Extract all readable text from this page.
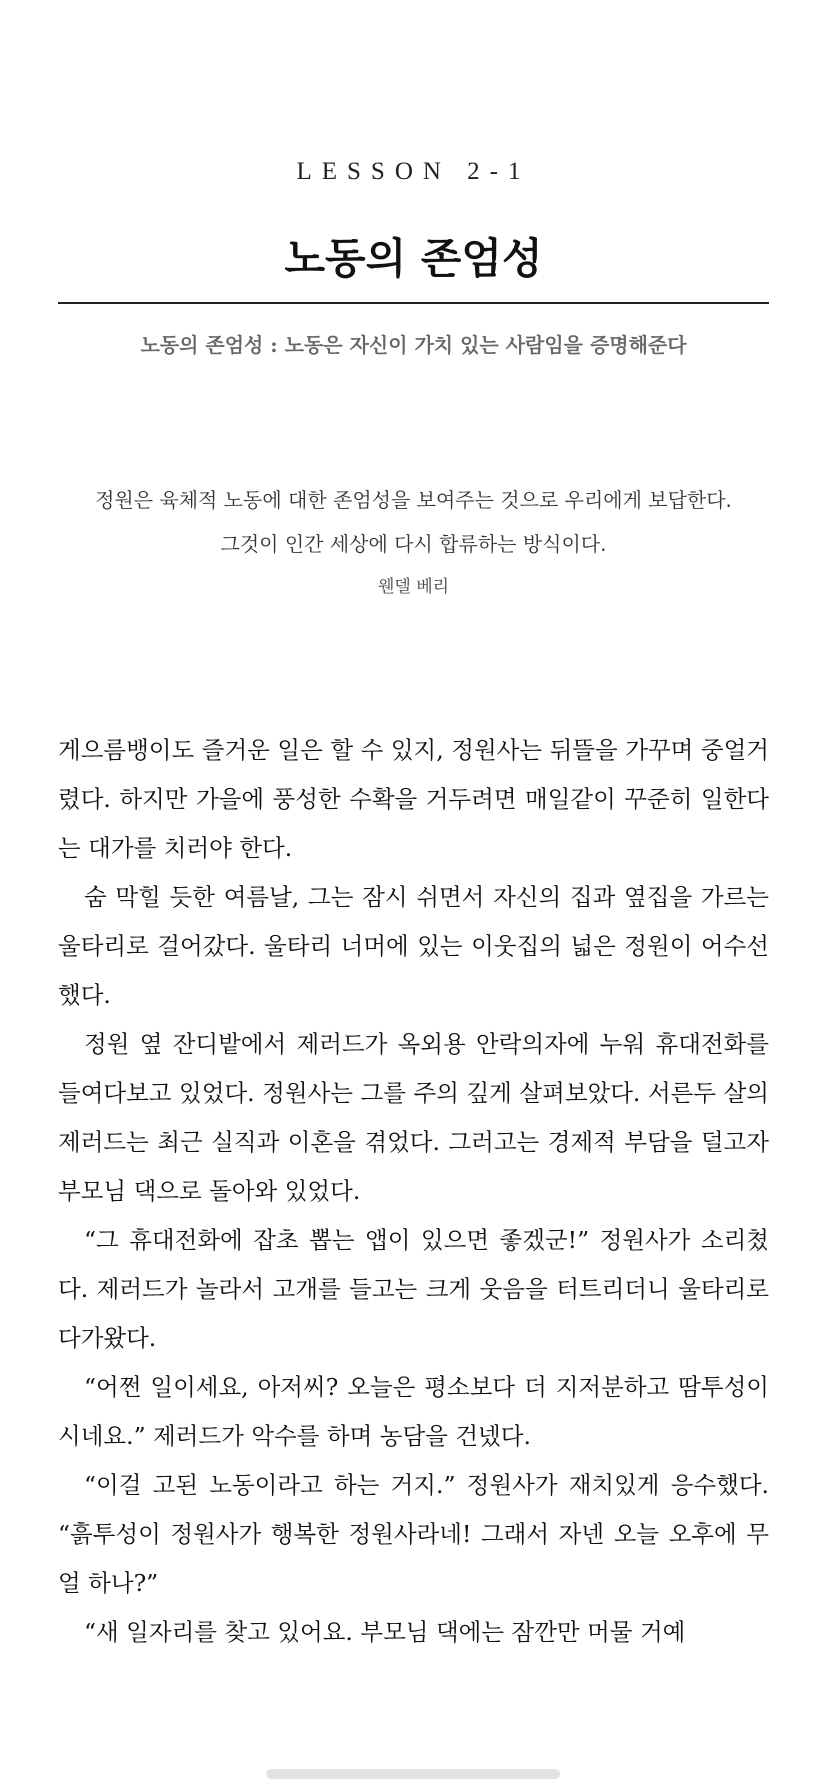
LESSON 2-1
노동의 존엄성
노동의 존엄성 : 노동은 자신이 가치 있는 사람임을 증명해준다
정원은 육체적 노동에 대한 존엄성을 보여주는 것으로 우리에게 보답한다.
그것이 인간 세상에 다시 합류하는 방식이다.
웬델 베리

게으름뱅이도 즐거운 일은 할 수 있지, 정원사는 뒤뜰을 가꾸며 중얼거렸다. 하지만 가을에 풍성한 수확을 거두려면 매일같이 꾸준히 일한다는 대가를 치러야 한다.

숨 막힐 듯한 여름날, 그는 잠시 쉬면서 자신의 집과 옆집을 가르는 울타리로 걸어갔다. 울타리 너머에 있는 이웃집의 넓은 정원이 어수선했다.

정원 옆 잔디밭에서 제러드가 옥외용 안락의자에 누워 휴대전화를 들여다보고 있었다. 정원사는 그를 주의 깊게 살펴보았다. 서른두 살의 제러드는 최근 실직과 이혼을 겪었다. 그러고는 경제적 부담을 덜고자 부모님 댁으로 돌아와 있었다.

“그 휴대전화에 잡초 뽑는 앱이 있으면 좋겠군!” 정원사가 소리쳤다. 제러드가 놀라서 고개를 들고는 크게 웃음을 터트리더니 울타리로 다가왔다.

“어쩐 일이세요, 아저씨? 오늘은 평소보다 더 지저분하고 땀투성이시네요.” 제러드가 악수를 하며 농담을 건넸다.

“이걸 고된 노동이라고 하는 거지.” 정원사가 재치있게 응수했다. “흙투성이 정원사가 행복한 정원사라네! 그래서 자넨 오늘 오후에 무얼 하나?”

“새 일자리를 찾고 있어요. 부모님 댁에는 잠깐만 머물 거예
